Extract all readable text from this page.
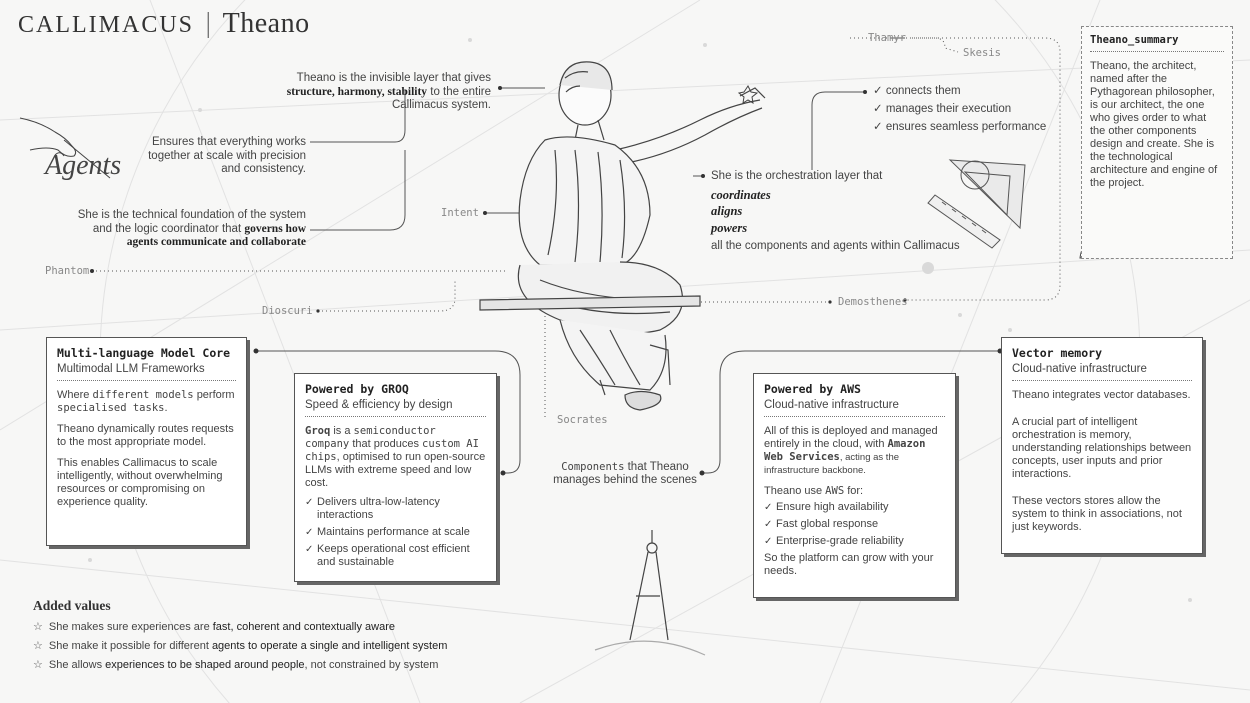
CALLIMACUS | Theano	Thamyr
Skesis
Intent
Phantom
Dioscuri
Demosthenes
Socrates
Theano is the invisible layer that gives structure, harmony, stability to the entire Callimacus system.
Ensures that everything works together at scale with precision and consistency.
She is the technical foundation of the system and the logic coordinator that governs how agents communicate and collaborate
Agents	She is the orchestration layer that
coordinates
aligns
powers
all the components and agents within Callimacus
✓ connects them
✓ manages their execution
✓ ensures seamless performance
Theano_summary
Theano, the architect, named after the Pythagorean philosopher, is our architect, the one who gives order to what the other components design and create. She is the technological architecture and engine of the project.
Components that Theano manages behind the scenes
Multi-language Model Core
Multimodal LLM Frameworks

Where different models perform specialised tasks.

Theano dynamically routes requests to the most appropriate model.

This enables Callimacus to scale intelligently, without overwhelming resources or compromising on experience quality.

Powered by GROQ
Speed & efficiency by design

Groq is a semiconductor company that produces custom AI chips, optimised to run open-source LLMs with extreme speed and low cost.

✓ Delivers ultra-low-latency interactions
✓ Maintains performance at scale
✓ Keeps operational cost efficient and sustainable
Powered by AWS
Cloud-native infrastructure

All of this is deployed and managed entirely in the cloud, with Amazon Web Services, acting as the infrastructure backbone.

Theano use AWS for:

✓ Ensure high availability
✓ Fast global response
✓ Enterprise-grade reliability

So the platform can grow with your needs.

Vector memory
Cloud-native infrastructure

Theano integrates vector databases.

A crucial part of intelligent orchestration is memory, understanding relationships between concepts, user inputs and prior interactions.

These vectors stores allow the system to think in associations, not just keywords.

Added values
☆ She makes sure experiences are fast, coherent and contextually aware
☆ She make it possible for different agents to operate a single and intelligent system
☆ She allows experiences to be shaped around people, not constrained by system
